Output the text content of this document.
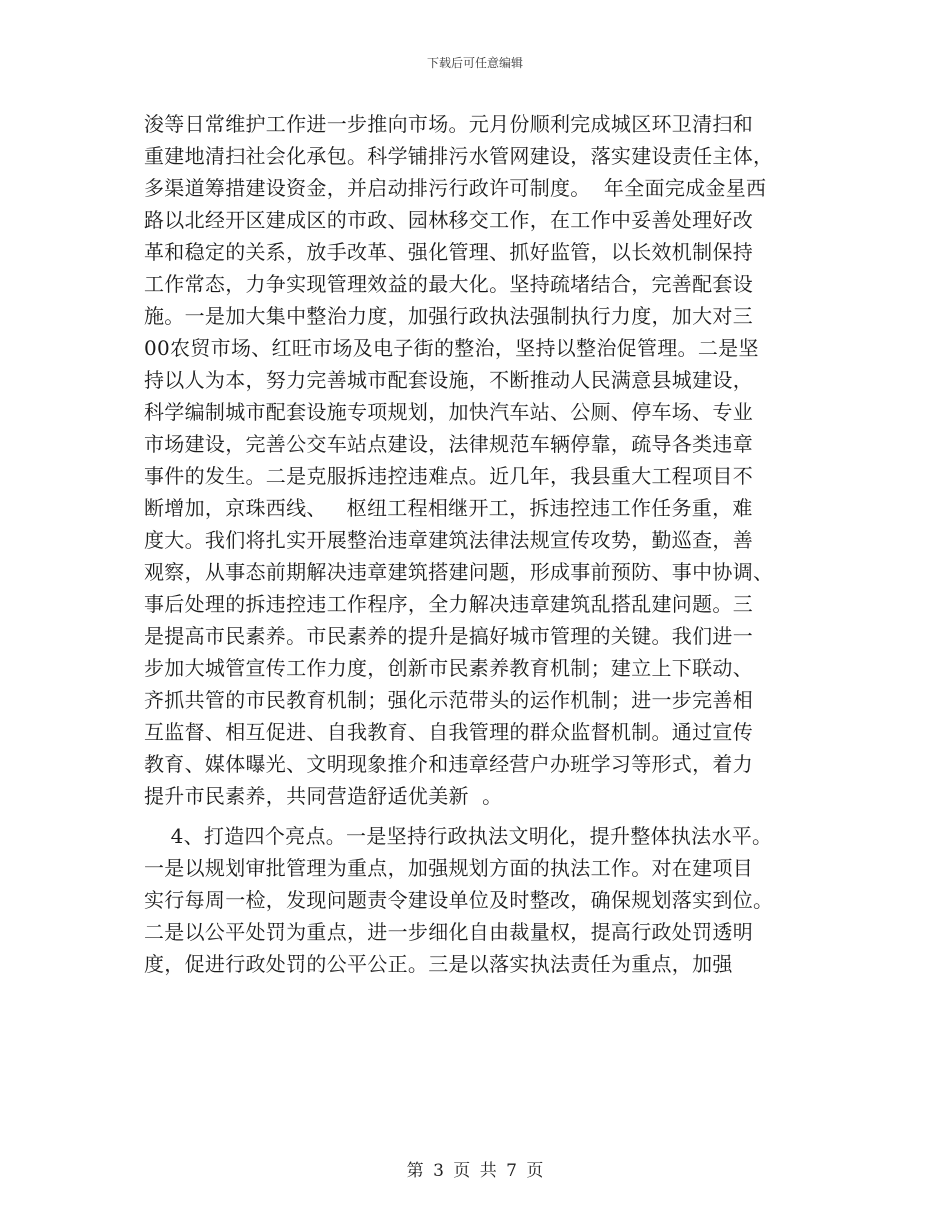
下载后可任意编辑
浚等日常维护工作进一步推向市场。元月份顺利完成城区环卫清扫和
重建地清扫社会化承包。科学铺排污水管网建设，落实建设责任主体，
多渠道筹措建设资金，并启动排污行政许可制度。  年全面完成金星西
路以北经开区建成区的市政、园林移交工作，在工作中妥善处理好改
革和稳定的关系，放手改革、强化管理、抓好监管，以长效机制保持
工作常态，力争实现管理效益的最大化。坚持疏堵结合，完善配套设
施。一是加大集中整治力度，加强行政执法强制执行力度，加大对三
00农贸市场、红旺市场及电子街的整治，坚持以整治促管理。二是坚
持以人为本，努力完善城市配套设施，不断推动人民满意县城建设，
科学编制城市配套设施专项规划，加快汽车站、公厕、停车场、专业
市场建设，完善公交车站点建设，法律规范车辆停靠，疏导各类违章
事件的发生。二是克服拆违控违难点。近几年，我县重大工程项目不
断增加，京珠西线、   枢纽工程相继开工，拆违控违工作任务重，难
度大。我们将扎实开展整治违章建筑法律法规宣传攻势，勤巡查，善
观察，从事态前期解决违章建筑搭建问题，形成事前预防、事中协调、
事后处理的拆违控违工作程序，全力解决违章建筑乱搭乱建问题。三
是提高市民素养。市民素养的提升是搞好城市管理的关键。我们进一
步加大城管宣传工作力度，创新市民素养教育机制；建立上下联动、
齐抓共管的市民教育机制；强化示范带头的运作机制；进一步完善相
互监督、相互促进、自我教育、自我管理的群众监督机制。通过宣传
教育、媒体曝光、文明现象推介和违章经营户办班学习等形式，着力
提升市民素养，共同营造舒适优美新  。
4、打造四个亮点。一是坚持行政执法文明化，提升整体执法水平。
一是以规划审批管理为重点，加强规划方面的执法工作。对在建项目
实行每周一检，发现问题责令建设单位及时整改，确保规划落实到位。
二是以公平处罚为重点，进一步细化自由裁量权，提高行政处罚透明
度，促进行政处罚的公平公正。三是以落实执法责任为重点，加强
第 3 页 共 7 页
